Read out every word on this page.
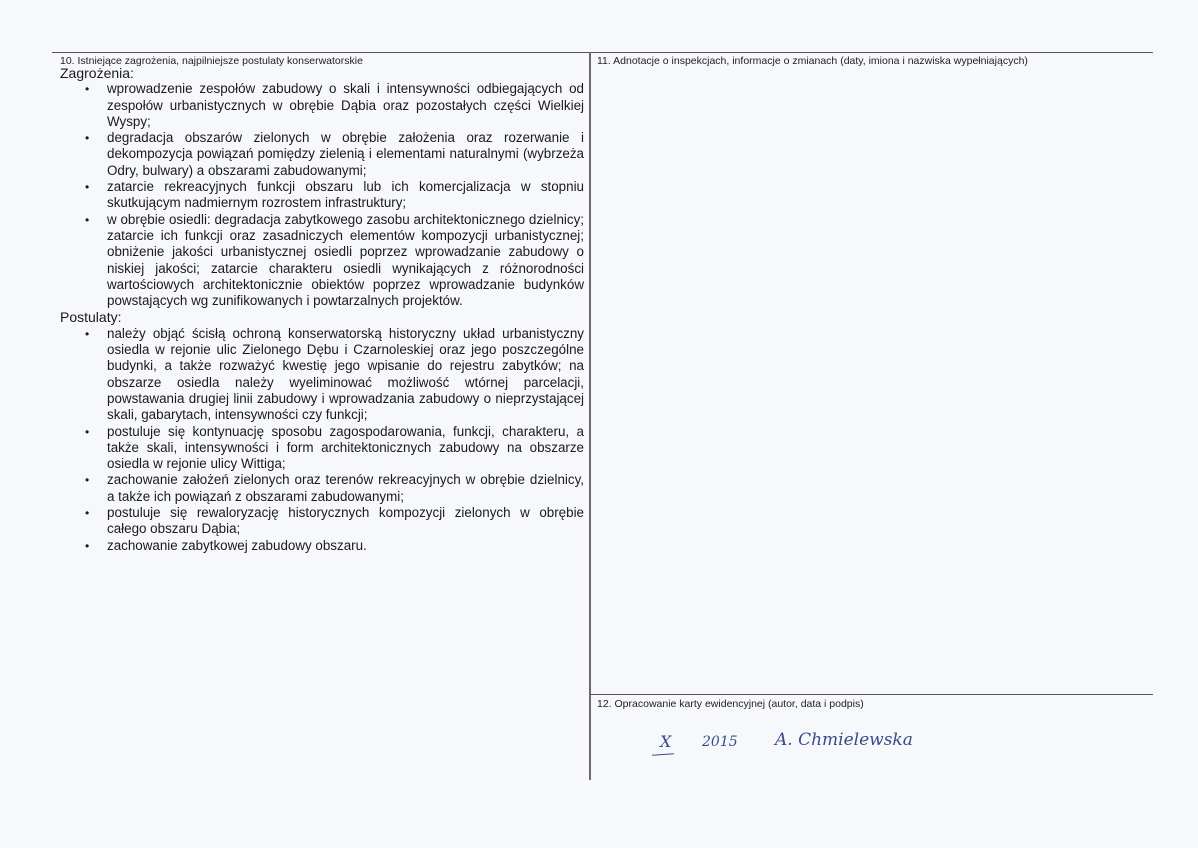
10. Istniejące zagrożenia, najpilniejsze postulaty konserwatorskie

Zagrożenia:

• wprowadzenie zespołów zabudowy o skali i intensywności odbiegających od zespołów urbanistycznych w obrębie Dąbia oraz pozostałych części Wielkiej Wyspy;
• degradacja obszarów zielonych w obrębie założenia oraz rozerwanie i dekompozycja powiązań pomiędzy zielenią i elementami naturalnymi (wybrzeża Odry, bulwary) a obszarami zabudowanymi;
• zatarcie rekreacyjnych funkcji obszaru lub ich komercjalizacja w stopniu skutkującym nadmiernym rozrostem infrastruktury;
• w obrębie osiedli: degradacja zabytkowego zasobu architektonicznego dzielnicy; zatarcie ich funkcji oraz zasadniczych elementów kompozycji urbanistycznej; obniżenie jakości urbanistycznej osiedli poprzez wprowadzanie zabudowy o niskiej jakości; zatarcie charakteru osiedli wynikających z różnorodności wartościowych architektonicznie obiektów poprzez wprowadzanie budynków powstających wg zunifikowanych i powtarzalnych projektów.

Postulaty:

• należy objąć ścisłą ochroną konserwatorską historyczny układ urbanistyczny osiedla w rejonie ulic Zielonego Dębu i Czarnoleskiej oraz jego poszczególne budynki, a także rozważyć kwestię jego wpisanie do rejestru zabytków; na obszarze osiedla należy wyeliminować możliwość wtórnej parcelacji, powstawania drugiej linii zabudowy i wprowadzania zabudowy o nieprzystającej skali, gabarytach, intensywności czy funkcji;
• postuluje się kontynuację sposobu zagospodarowania, funkcji, charakteru, a także skali, intensywności i form architektonicznych zabudowy na obszarze osiedla w rejonie ulicy Wittiga;
• zachowanie założeń zielonych oraz terenów rekreacyjnych w obrębie dzielnicy, a także ich powiązań z obszarami zabudowanymi;
• postuluje się rewaloryzację historycznych kompozycji zielonych w obrębie całego obszaru Dąbia;
• zachowanie zabytkowej zabudowy obszaru.
11. Adnotacje o inspekcjach, informacje o zmianach (daty, imiona i nazwiska wypełniających)
12. Opracowanie karty ewidencyjnej (autor, data i podpis)
X 2015 A. Chmielewska
